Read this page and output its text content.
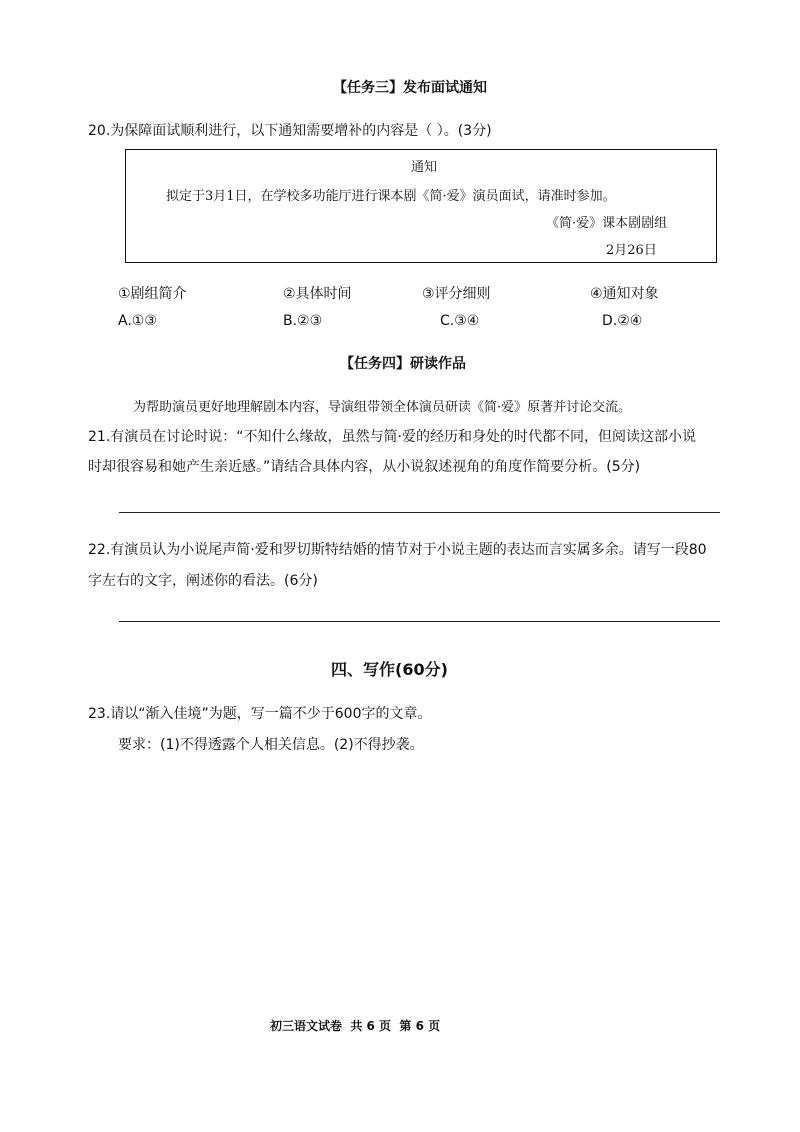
【任务三】发布面试通知
20.为保障面试顺利进行，以下通知需要增补的内容是（ ）。(3分)
通知
拟定于3月1日，在学校多功能厅进行课本剧《简·爱》演员面试，请准时参加。
《简·爱》课本剧剧组
2月26日
①剧组简介	②具体时间	③评分细则	④通知对象
A.①③	B.②③	C.③④	D.②④
【任务四】研读作品
为帮助演员更好地理解剧本内容，导演组带领全体演员研读《简·爱》原著并讨论交流。
21.有演员在讨论时说：“不知什么缘故，虽然与简·爱的经历和身处的时代都不同，但阅读这部小说
时却很容易和她产生亲近感。”请结合具体内容，从小说叙述视角的角度作简要分析。(5分)
22.有演员认为小说尾声简·爱和罗切斯特结婚的情节对于小说主题的表达而言实属多余。请写一段80
字左右的文字，阐述你的看法。(6分)
四、写作(60分)
23.请以“渐入佳境”为题，写一篇不少于600字的文章。
要求：(1)不得透露个人相关信息。(2)不得抄袭。
初三语文试卷  共 6 页  第 6 页
